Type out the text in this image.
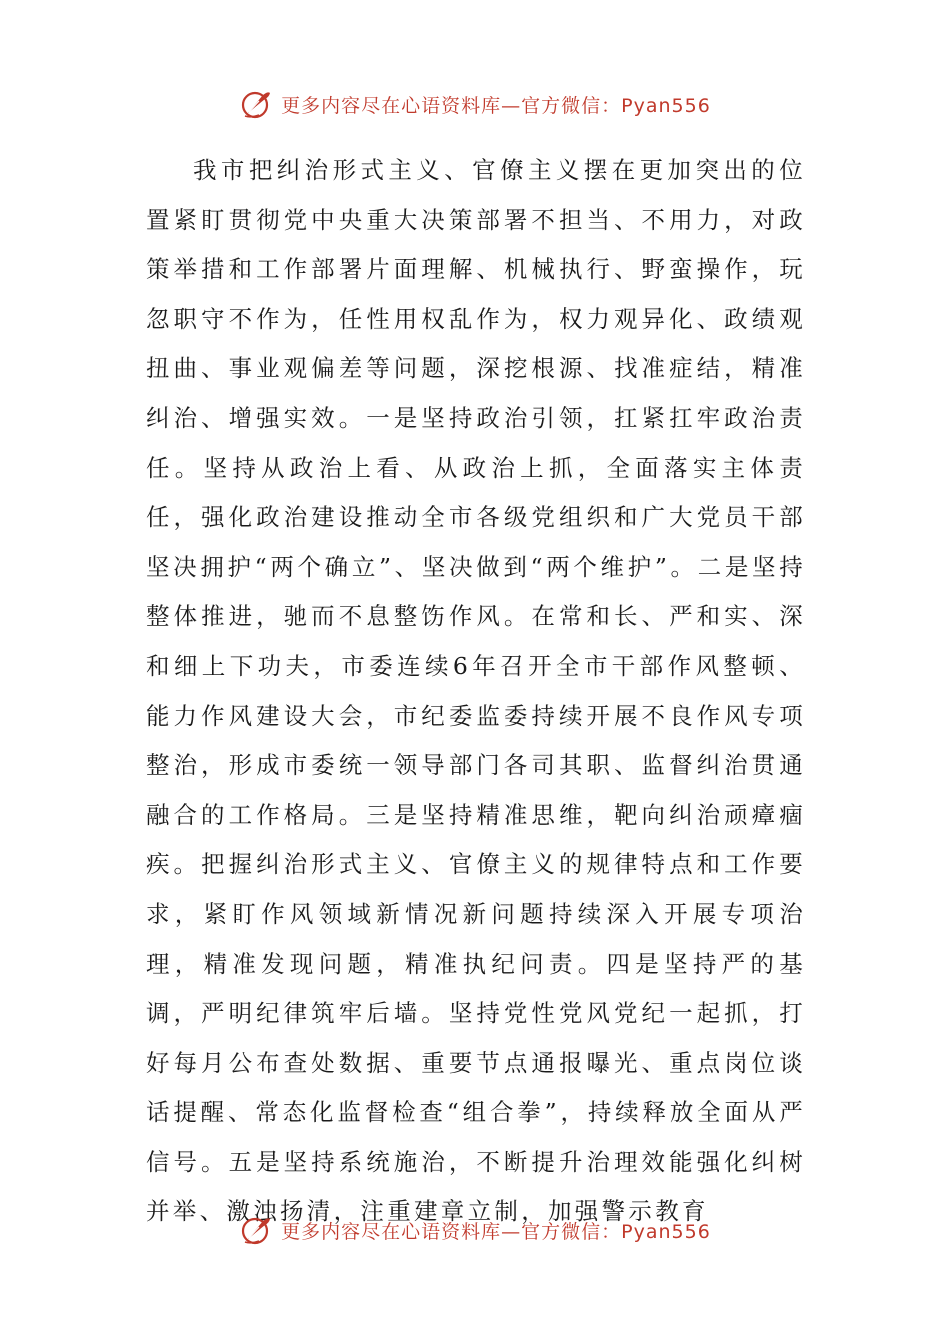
更多内容尽在心语资料库—官方微信：Pyan556

我市把纠治形式主义、官僚主义摆在更加突出的位置紧盯贯彻党中央重大决策部署不担当、不用力，对政策举措和工作部署片面理解、机械执行、野蛮操作，玩忽职守不作为，任性用权乱作为，权力观异化、政绩观扭曲、事业观偏差等问题，深挖根源、找准症结，精准纠治、增强实效。一是坚持政治引领，扛紧扛牢政治责任。坚持从政治上看、从政治上抓，全面落实主体责任，强化政治建设推动全市各级党组织和广大党员干部坚决拥护“两个确立”、坚决做到“两个维护”。二是坚持整体推进，驰而不息整饬作风。在常和长、严和实、深和细上下功夫，市委连续6年召开全市干部作风整顿、能力作风建设大会，市纪委监委持续开展不良作风专项整治，形成市委统一领导部门各司其职、监督纠治贯通融合的工作格局。三是坚持精准思维，靶向纠治顽瘴痼疾。把握纠治形式主义、官僚主义的规律特点和工作要求，紧盯作风领域新情况新问题持续深入开展专项治理，精准发现问题，精准执纪问责。四是坚持严的基调，严明纪律筑牢后墙。坚持党性党风党纪一起抓，打好每月公布查处数据、重要节点通报曝光、重点岗位谈话提醒、常态化监督检查“组合拳”，持续释放全面从严信号。五是坚持系统施治，不断提升治理效能强化纠树并举、激浊扬清，注重建章立制，加强警示教育

更多内容尽在心语资料库—官方微信：Pyan556
